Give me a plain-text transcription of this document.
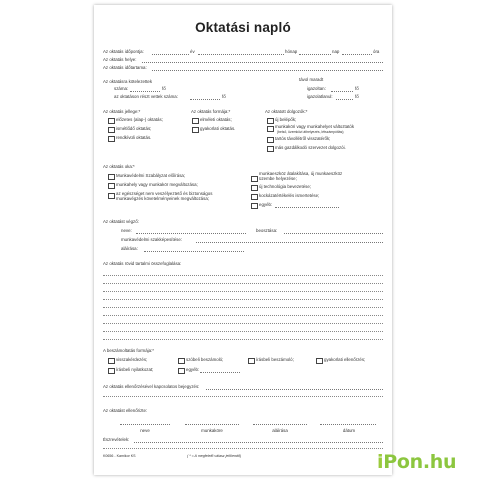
Oktatási napló
Az oktatás időpontja:	év	hónap	nap	óra
Az oktatás helye:
Az oktatás időtartama:
Az oktatásra kötelezettek
száma:	fő
az oktatáson részt vettek száma:	fő
távol maradt
igazoltan:	fő
igazolatlanul:	fő
Az oktatás jellege:*
előzetes (alap-) oktatás;
ismétlődő oktatás;
rendkívüli oktatás.
Az oktatás formája:*
elméleti oktatás;
gyakorlati oktatás.
Az oktatott dolgozók:*
új belépők;
munkaköri vagy munkahelyet változtatók
(belső, üzemközi áthelyezés, létszámpótlás);
tartós távollétről visszatérők;
más gazdálkodó szervezet dolgozói.
Az oktatás oka:*
Munkavédelmi Szabályzat előírása;
munkahely vagy munkakör megváltozása;
az egészséget nem veszélyeztető és biztonságos
munkavégzés követelményeinek megváltozása;
munkaeszköz átalakítása, új munkaeszköz
üzembe helyezése;
új technológia bevezetése;
kockázatértékelés ismertetése;
egyéb:
Az oktatást végző:
neve:	beosztása:
munkavédelmi szakképesítése:
aláírása:
Az oktatás rövid tartalmi összefoglalása:
A beszámoltatás formája:*
visszakérdezés;	szóbeli beszámoló;	írásbeli beszámoló;	gyakorlati ellenőrzés;
írásbeli nyilatkozat;	egyéb:
Az oktatás ellenőrzésével kapcsolatos bejegyzés:
Az oktatást ellenőrizte:
neve	munkaköre	aláírása	dátum
Észrevételek:
K0656 - Kamikor KS	( * = A megfelelő válasz jelölendő)	iPon.hu
